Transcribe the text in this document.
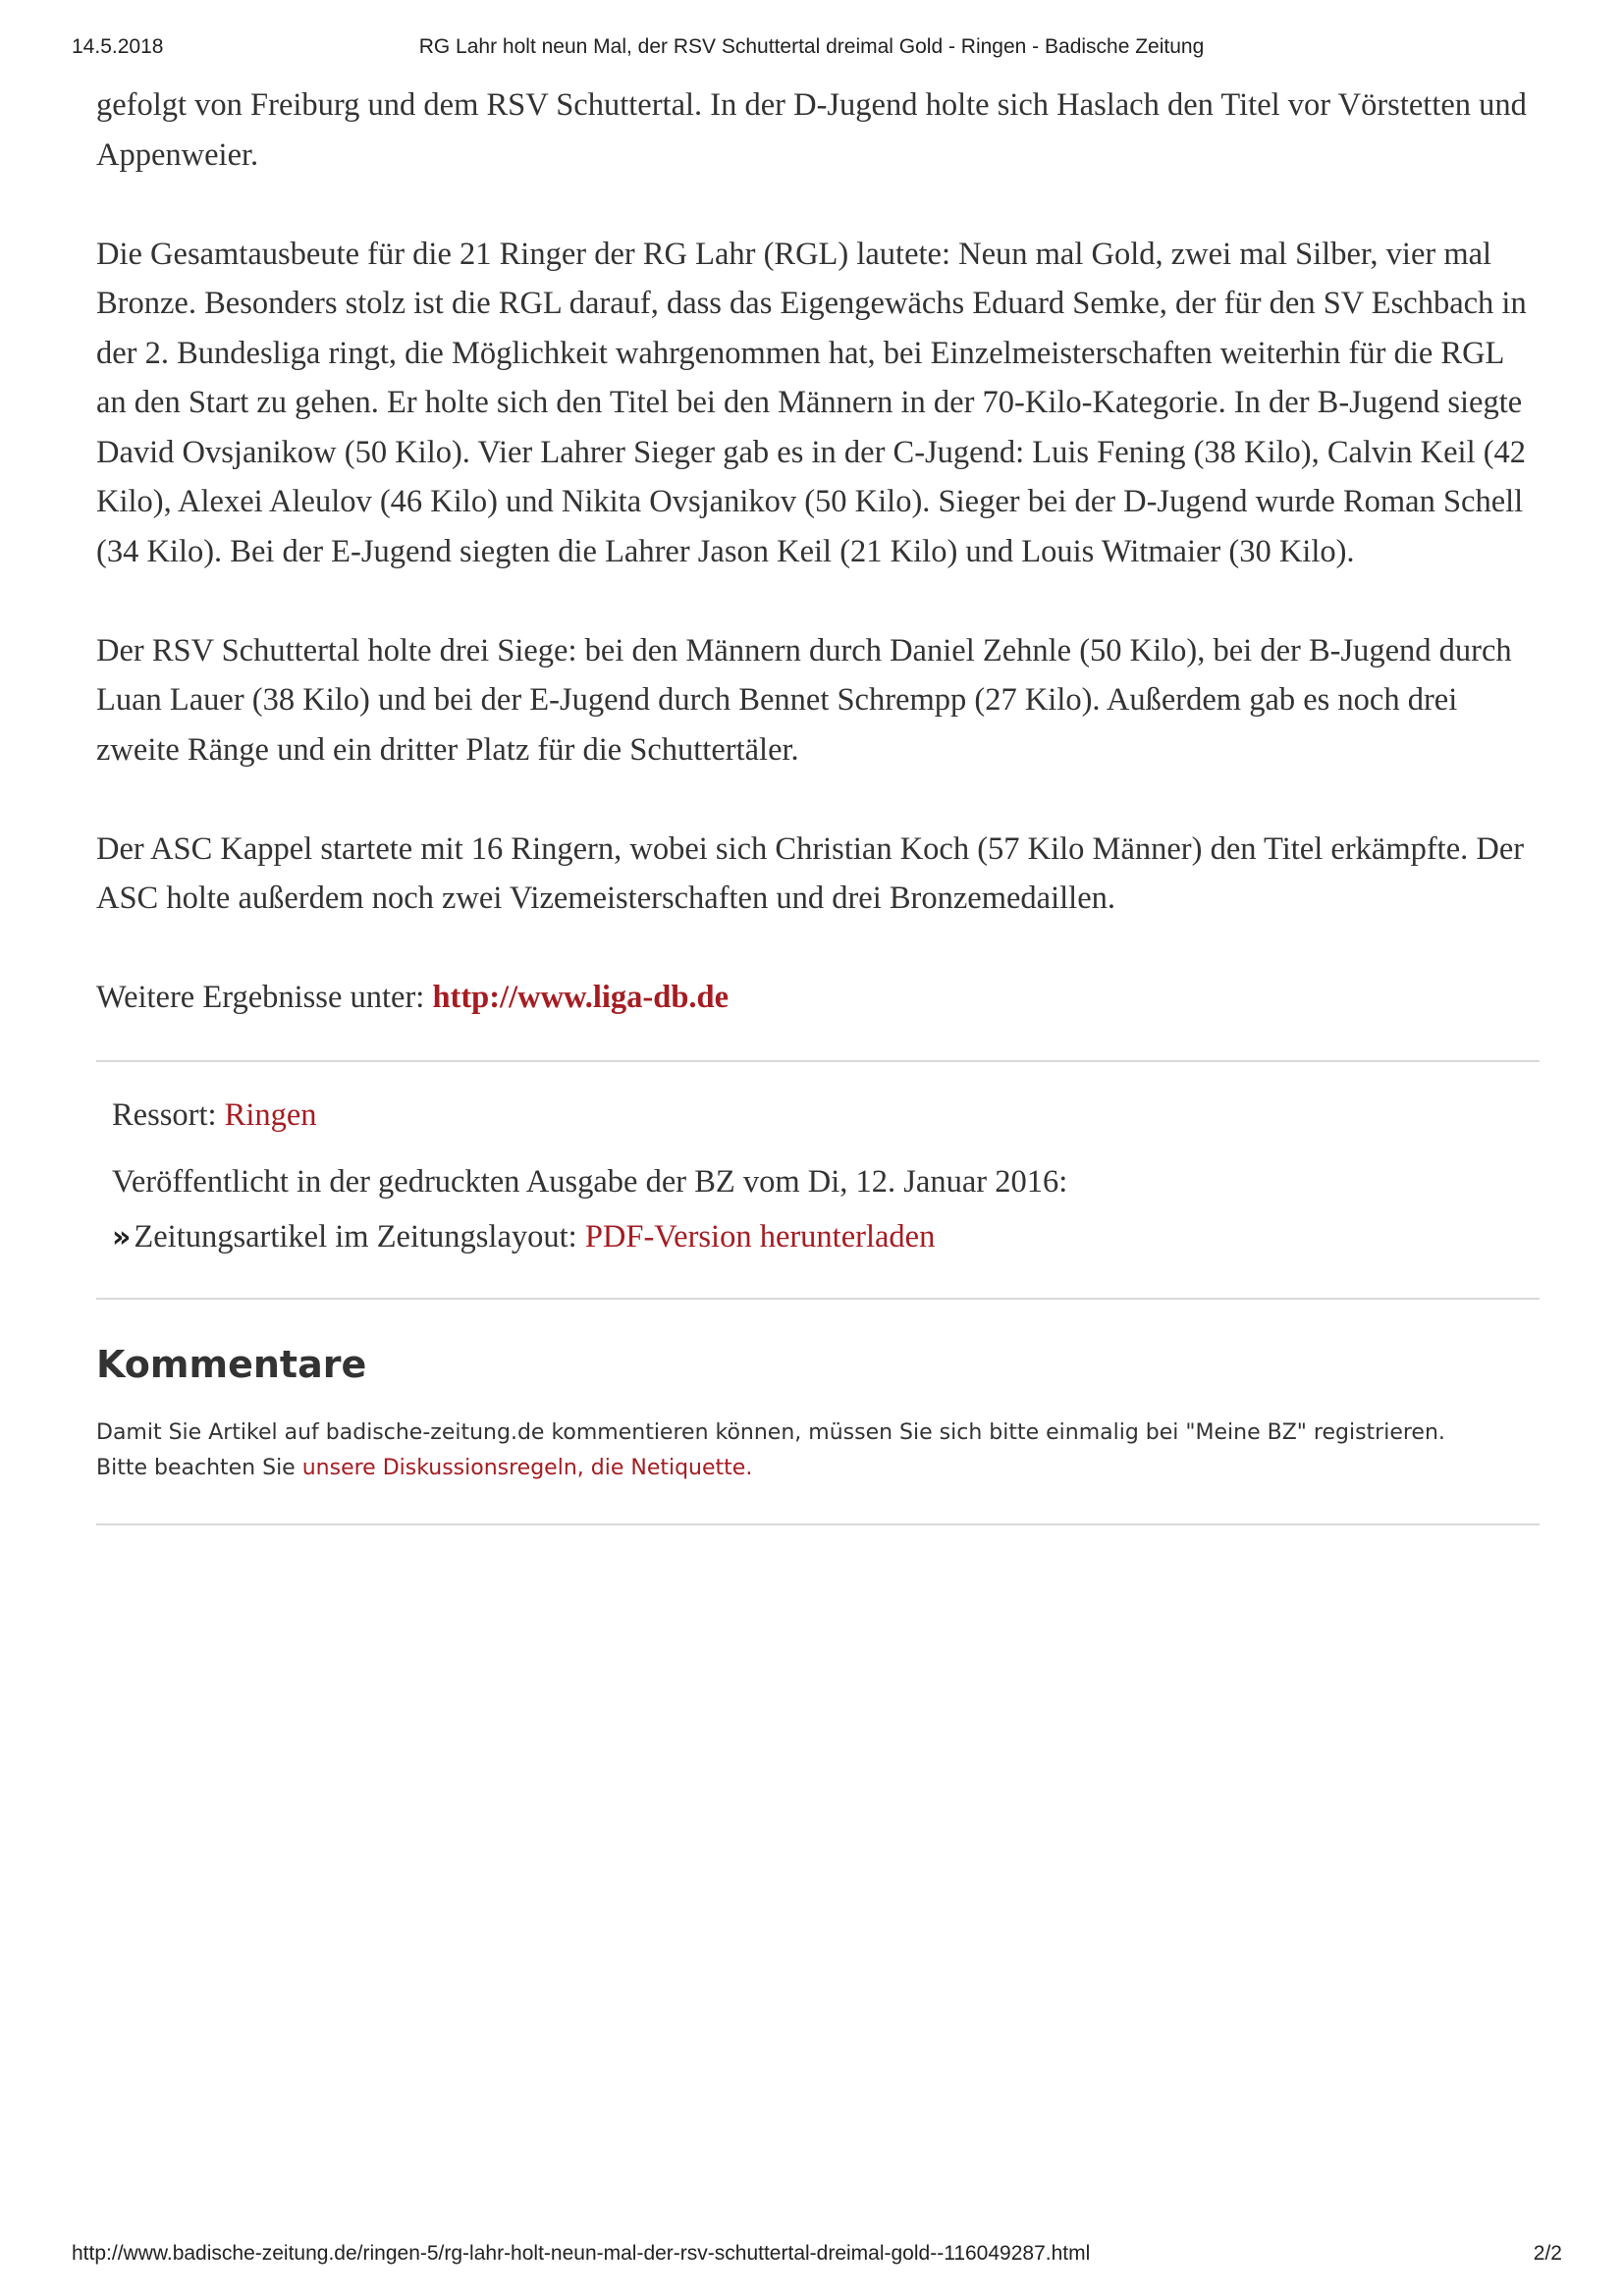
14.5.2018	RG Lahr holt neun Mal, der RSV Schuttertal dreimal Gold - Ringen - Badische Zeitung

gefolgt von Freiburg und dem RSV Schuttertal. In der D-Jugend holte sich Haslach den Titel vor Vörstetten und Appenweier.

Die Gesamtausbeute für die 21 Ringer der RG Lahr (RGL) lautete: Neun mal Gold, zwei mal Silber, vier mal Bronze. Besonders stolz ist die RGL darauf, dass das Eigengewächs Eduard Semke, der für den SV Eschbach in der 2. Bundesliga ringt, die Möglichkeit wahrgenommen hat, bei Einzelmeisterschaften weiterhin für die RGL an den Start zu gehen. Er holte sich den Titel bei den Männern in der 70-Kilo-Kategorie. In der B-Jugend siegte David Ovsjanikow (50 Kilo). Vier Lahrer Sieger gab es in der C-Jugend: Luis Fening (38 Kilo), Calvin Keil (42 Kilo), Alexei Aleulov (46 Kilo) und Nikita Ovsjanikov (50 Kilo). Sieger bei der D-Jugend wurde Roman Schell (34 Kilo). Bei der E-Jugend siegten die Lahrer Jason Keil (21 Kilo) und Louis Witmaier (30 Kilo).

Der RSV Schuttertal holte drei Siege: bei den Männern durch Daniel Zehnle (50 Kilo), bei der B-Jugend durch Luan Lauer (38 Kilo) und bei der E-Jugend durch Bennet Schrempp (27 Kilo). Außerdem gab es noch drei zweite Ränge und ein dritter Platz für die Schuttertäler.

Der ASC Kappel startete mit 16 Ringern, wobei sich Christian Koch (57 Kilo Männer) den Titel erkämpfte. Der ASC holte außerdem noch zwei Vizemeisterschaften und drei Bronzemedaillen.

Weitere Ergebnisse unter: http://www.liga-db.de

Ressort: Ringen
Veröffentlicht in der gedruckten Ausgabe der BZ vom Di, 12. Januar 2016:
» Zeitungsartikel im Zeitungslayout: PDF-Version herunterladen
Kommentare

Damit Sie Artikel auf badische-zeitung.de kommentieren können, müssen Sie sich bitte einmalig bei "Meine BZ" registrieren.

Bitte beachten Sie unsere Diskussionsregeln, die Netiquette.

http://www.badische-zeitung.de/ringen-5/rg-lahr-holt-neun-mal-der-rsv-schuttertal-dreimal-gold--116049287.html	2/2
